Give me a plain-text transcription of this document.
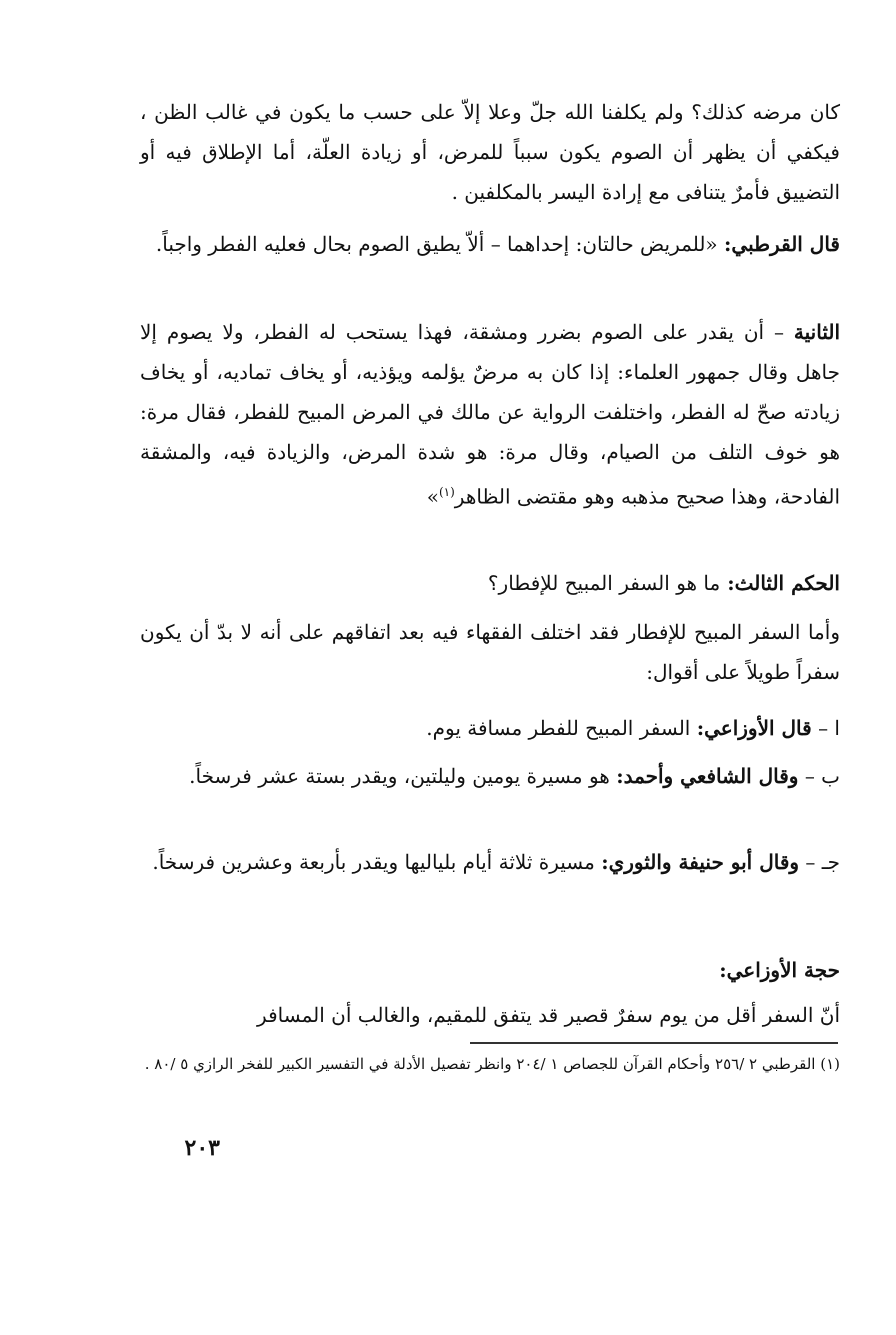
كان مرضه كذلك؟ ولم يكلفنا الله جلّ وعلا إلاّ على حسب ما يكون في غالب الظن ، فيكفي أن يظهر أن الصوم يكون سبباً للمرض، أو زيادة العلّة، أما الإطلاق فيه أو التضييق فأمرٌ يتنافى مع إرادة اليسر بالمكلفين .
قال القرطبي: «للمريض حالتان: إحداهما – ألاّ يطيق الصوم بحال فعليه الفطر واجباً.
الثانية – أن يقدر على الصوم بضرر ومشقة، فهذا يستحب له الفطر، ولا يصوم إلا جاهل وقال جمهور العلماء: إذا كان به مرضٌ يؤلمه ويؤذيه، أو يخاف تماديه، أو يخاف زيادته صحّ له الفطر، واختلفت الرواية عن مالك في المرض المبيح للفطر، فقال مرة: هو خوف التلف من الصيام، وقال مرة: هو شدة المرض، والزيادة فيه، والمشقة الفادحة، وهذا صحيح مذهبه وهو مقتضى الظاهر$^{(١)}$»
الحكم الثالث: ما هو السفر المبيح للإفطار؟
وأما السفر المبيح للإفطار فقد اختلف الفقهاء فيه بعد اتفاقهم على أنه لا بدّ أن يكون سفراً طويلاً على أقوال:
ا – قال الأوزاعي: السفر المبيح للفطر مسافة يوم.
ب – وقال الشافعي وأحمد: هو مسيرة يومين وليلتين، ويقدر بستة عشر فرسخاً.
جـ – وقال أبو حنيفة والثوري: مسيرة ثلاثة أيام بلياليها ويقدر بأربعة وعشرين فرسخاً.
حجة الأوزاعي:
أنّ السفر أقل من يوم سفرٌ قصير قد يتفق للمقيم، والغالب أن المسافر
(١) القرطبي ٢ /٢٥٦ وأحكام القرآن للجصاص ١ /٢٠٤ وانظر تفصيل الأدلة في التفسير الكبير للفخر الرازي ٥ /٨٠ .
٢٠٣
